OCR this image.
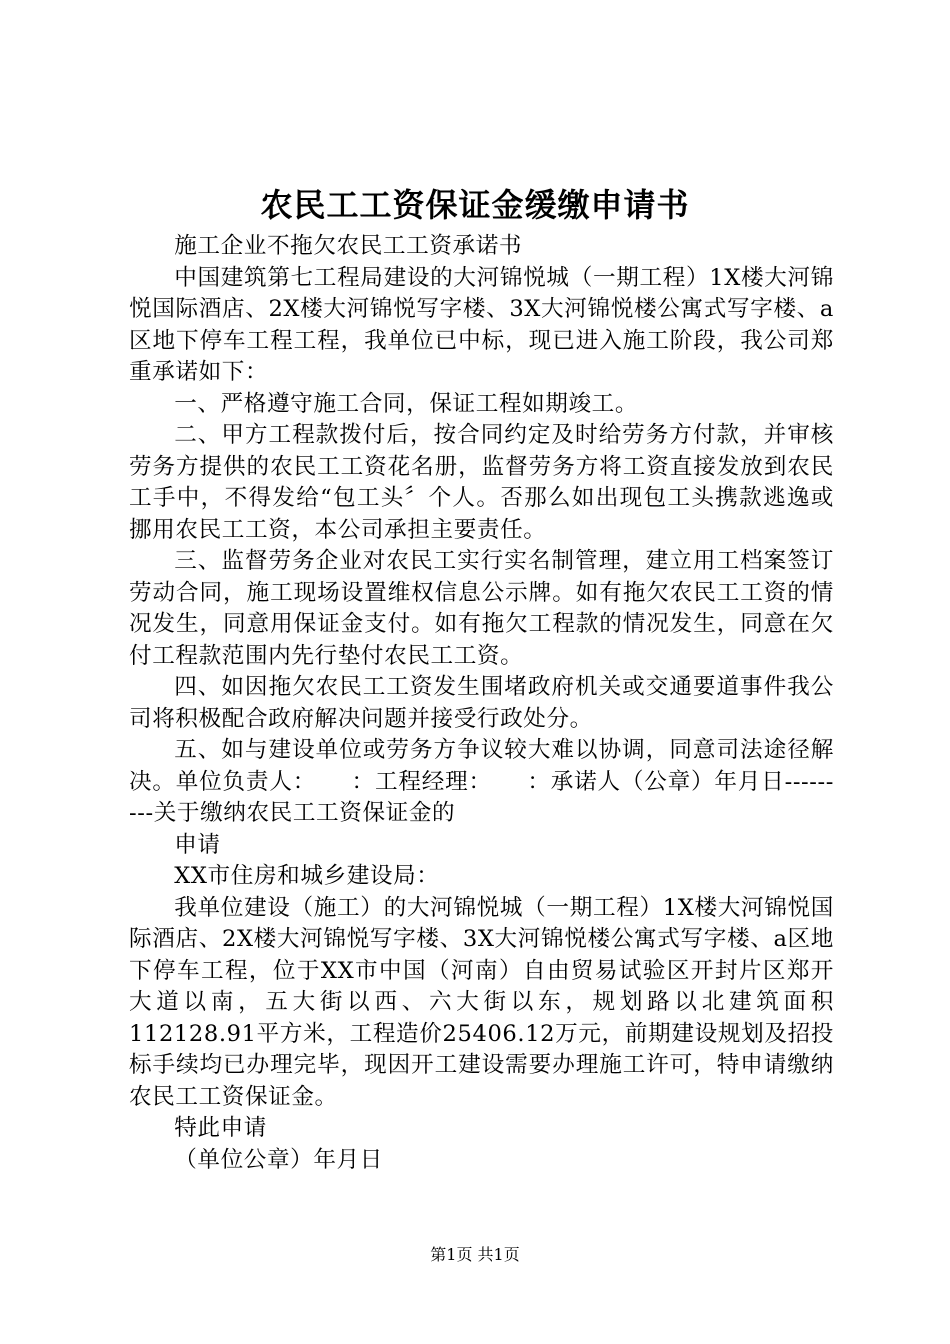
农民工工资保证金缓缴申请书

施工企业不拖欠农民工工资承诺书

中国建筑第七工程局建设的大河锦悦城（一期工程）1X楼大河锦悦国际酒店、2X楼大河锦悦写字楼、3X大河锦悦楼公寓式写字楼、a区地下停车工程工程，我单位已中标，现已进入施工阶段，我公司郑重承诺如下：

一、严格遵守施工合同，保证工程如期竣工。

二、甲方工程款拨付后，按合同约定及时给劳务方付款，并审核劳务方提供的农民工工资花名册，监督劳务方将工资直接发放到农民工手中，不得发给“包工头〞个人。否那么如出现包工头携款逃逸或挪用农民工工资，本公司承担主要责任。

三、监督劳务企业对农民工实行实名制管理，建立用工档案签订劳动合同，施工现场设置维权信息公示牌。如有拖欠农民工工资的情况发生，同意用保证金支付。如有拖欠工程款的情况发生，同意在欠付工程款范围内先行垫付农民工工资。

四、如因拖欠农民工工资发生围堵政府机关或交通要道事件我公司将积极配合政府解决问题并接受行政处分。

五、如与建设单位或劳务方争议较大难以协调，同意司法途径解决。单位负责人：　　：工程经理：　　：承诺人（公章）年月日---------关于缴纳农民工工资保证金的

申请

XX市住房和城乡建设局：

我单位建设（施工）的大河锦悦城（一期工程）1X楼大河锦悦国际酒店、2X楼大河锦悦写字楼、3X大河锦悦楼公寓式写字楼、a区地下停车工程，位于XX市中国（河南）自由贸易试验区开封片区郑开大道以南，五大街以西、六大街以东，规划路以北建筑面积112128.91平方米，工程造价25406.12万元，前期建设规划及招投标手续均已办理完毕，现因开工建设需要办理施工许可，特申请缴纳农民工工资保证金。

特此申请

（单位公章）年月日

第1页 共1页
